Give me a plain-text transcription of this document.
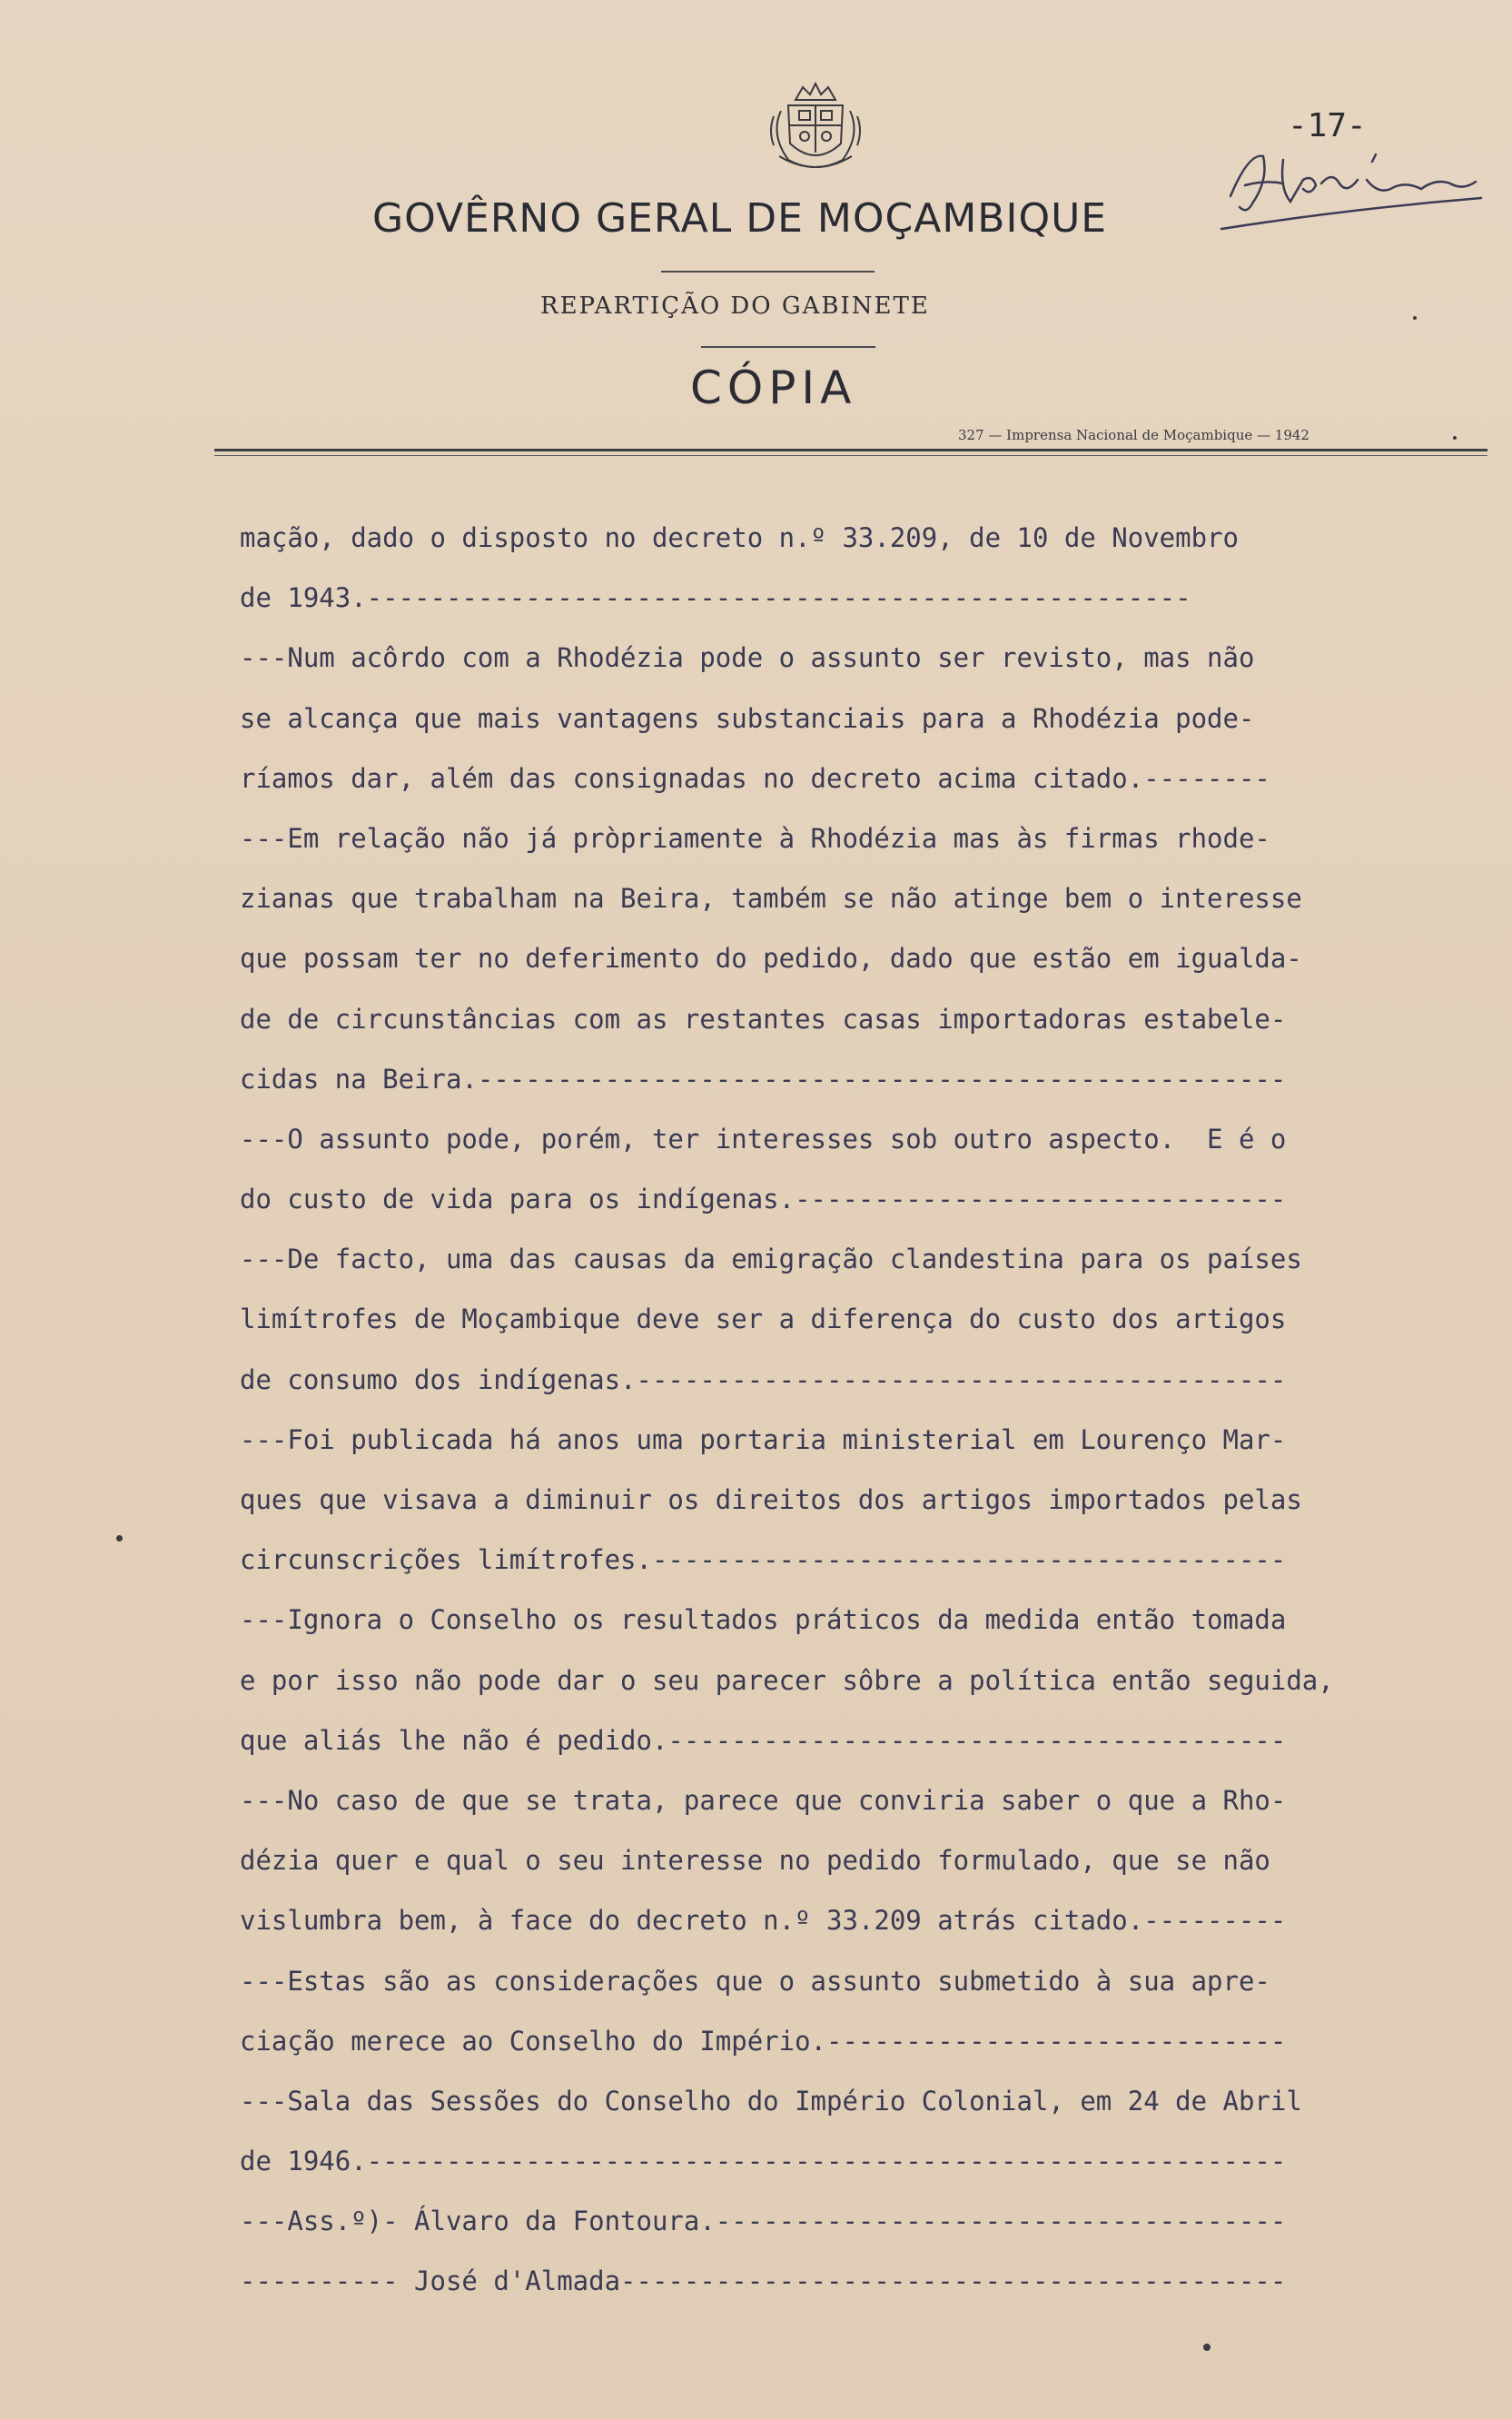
-17-
GOVÊRNO GERAL DE MOÇAMBIQUE
REPARTIÇÃO DO GABINETE
CÓPIA
327 — Imprensa Nacional de Moçambique — 1942
mação, dado o disposto no decreto n.º 33.209, de 10 de Novembro
de 1943.----------------------------------------------------
---Num acôrdo com a Rhodézia pode o assunto ser revisto, mas não
se alcança que mais vantagens substanciais para a Rhodézia pode-
ríamos dar, além das consignadas no decreto acima citado.--------
---Em relação não já pròpriamente à Rhodézia mas às firmas rhode-
zianas que trabalham na Beira, também se não atinge bem o interesse
que possam ter no deferimento do pedido, dado que estão em igualda-
de de circunstâncias com as restantes casas importadoras estabele-
cidas na Beira.---------------------------------------------------
---O assunto pode, porém, ter interesses sob outro aspecto.  E é o
do custo de vida para os indígenas.-------------------------------
---De facto, uma das causas da emigração clandestina para os países
limítrofes de Moçambique deve ser a diferença do custo dos artigos
de consumo dos indígenas.-----------------------------------------
---Foi publicada há anos uma portaria ministerial em Lourenço Mar-
ques que visava a diminuir os direitos dos artigos importados pelas
circunscrições limítrofes.----------------------------------------
---Ignora o Conselho os resultados práticos da medida então tomada
e por isso não pode dar o seu parecer sôbre a política então seguida,
que aliás lhe não é pedido.---------------------------------------
---No caso de que se trata, parece que conviria saber o que a Rho-
dézia quer e qual o seu interesse no pedido formulado, que se não
vislumbra bem, à face do decreto n.º 33.209 atrás citado.---------
---Estas são as considerações que o assunto submetido à sua apre-
ciação merece ao Conselho do Império.-----------------------------
---Sala das Sessões do Conselho do Império Colonial, em 24 de Abril
de 1946.----------------------------------------------------------
---Ass.º)- Álvaro da Fontoura.------------------------------------
---------- José d'Almada------------------------------------------
